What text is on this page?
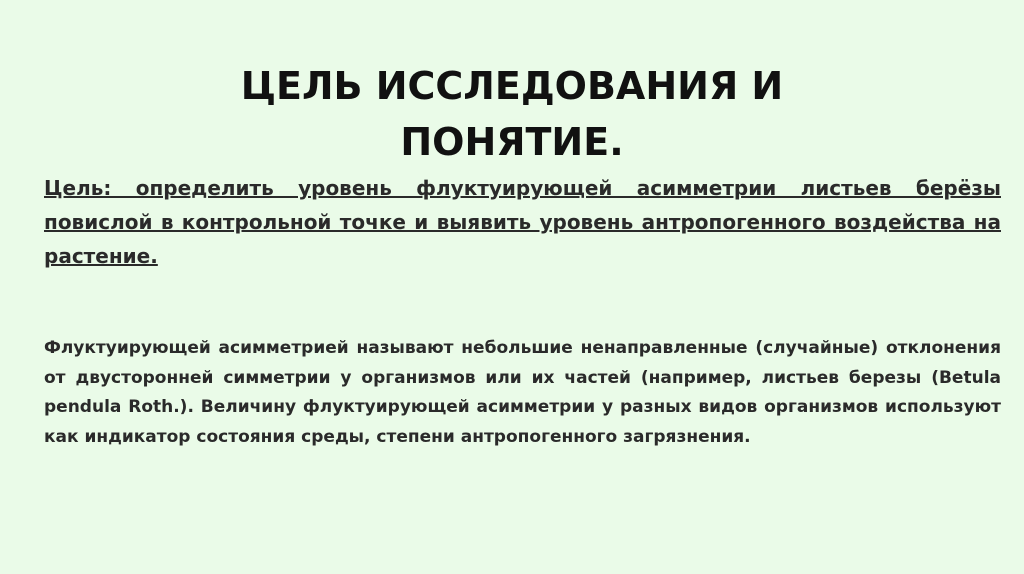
ЦЕЛЬ ИССЛЕДОВАНИЯ И
ПОНЯТИЕ.

Цель: определить уровень флуктуирующей асимметрии листьев берёзы повислой в контрольной точке и выявить уровень антропогенного воздейства на растение.

Флуктуирующей асимметрией называют небольшие ненаправленные (случайные) отклонения от двусторонней симметрии у организмов или их частей (например, листьев березы (Betula pendula Roth.). Величину флуктуирующей асимметрии у разных видов организмов используют как индикатор состояния среды, степени антропогенного загрязнения.
